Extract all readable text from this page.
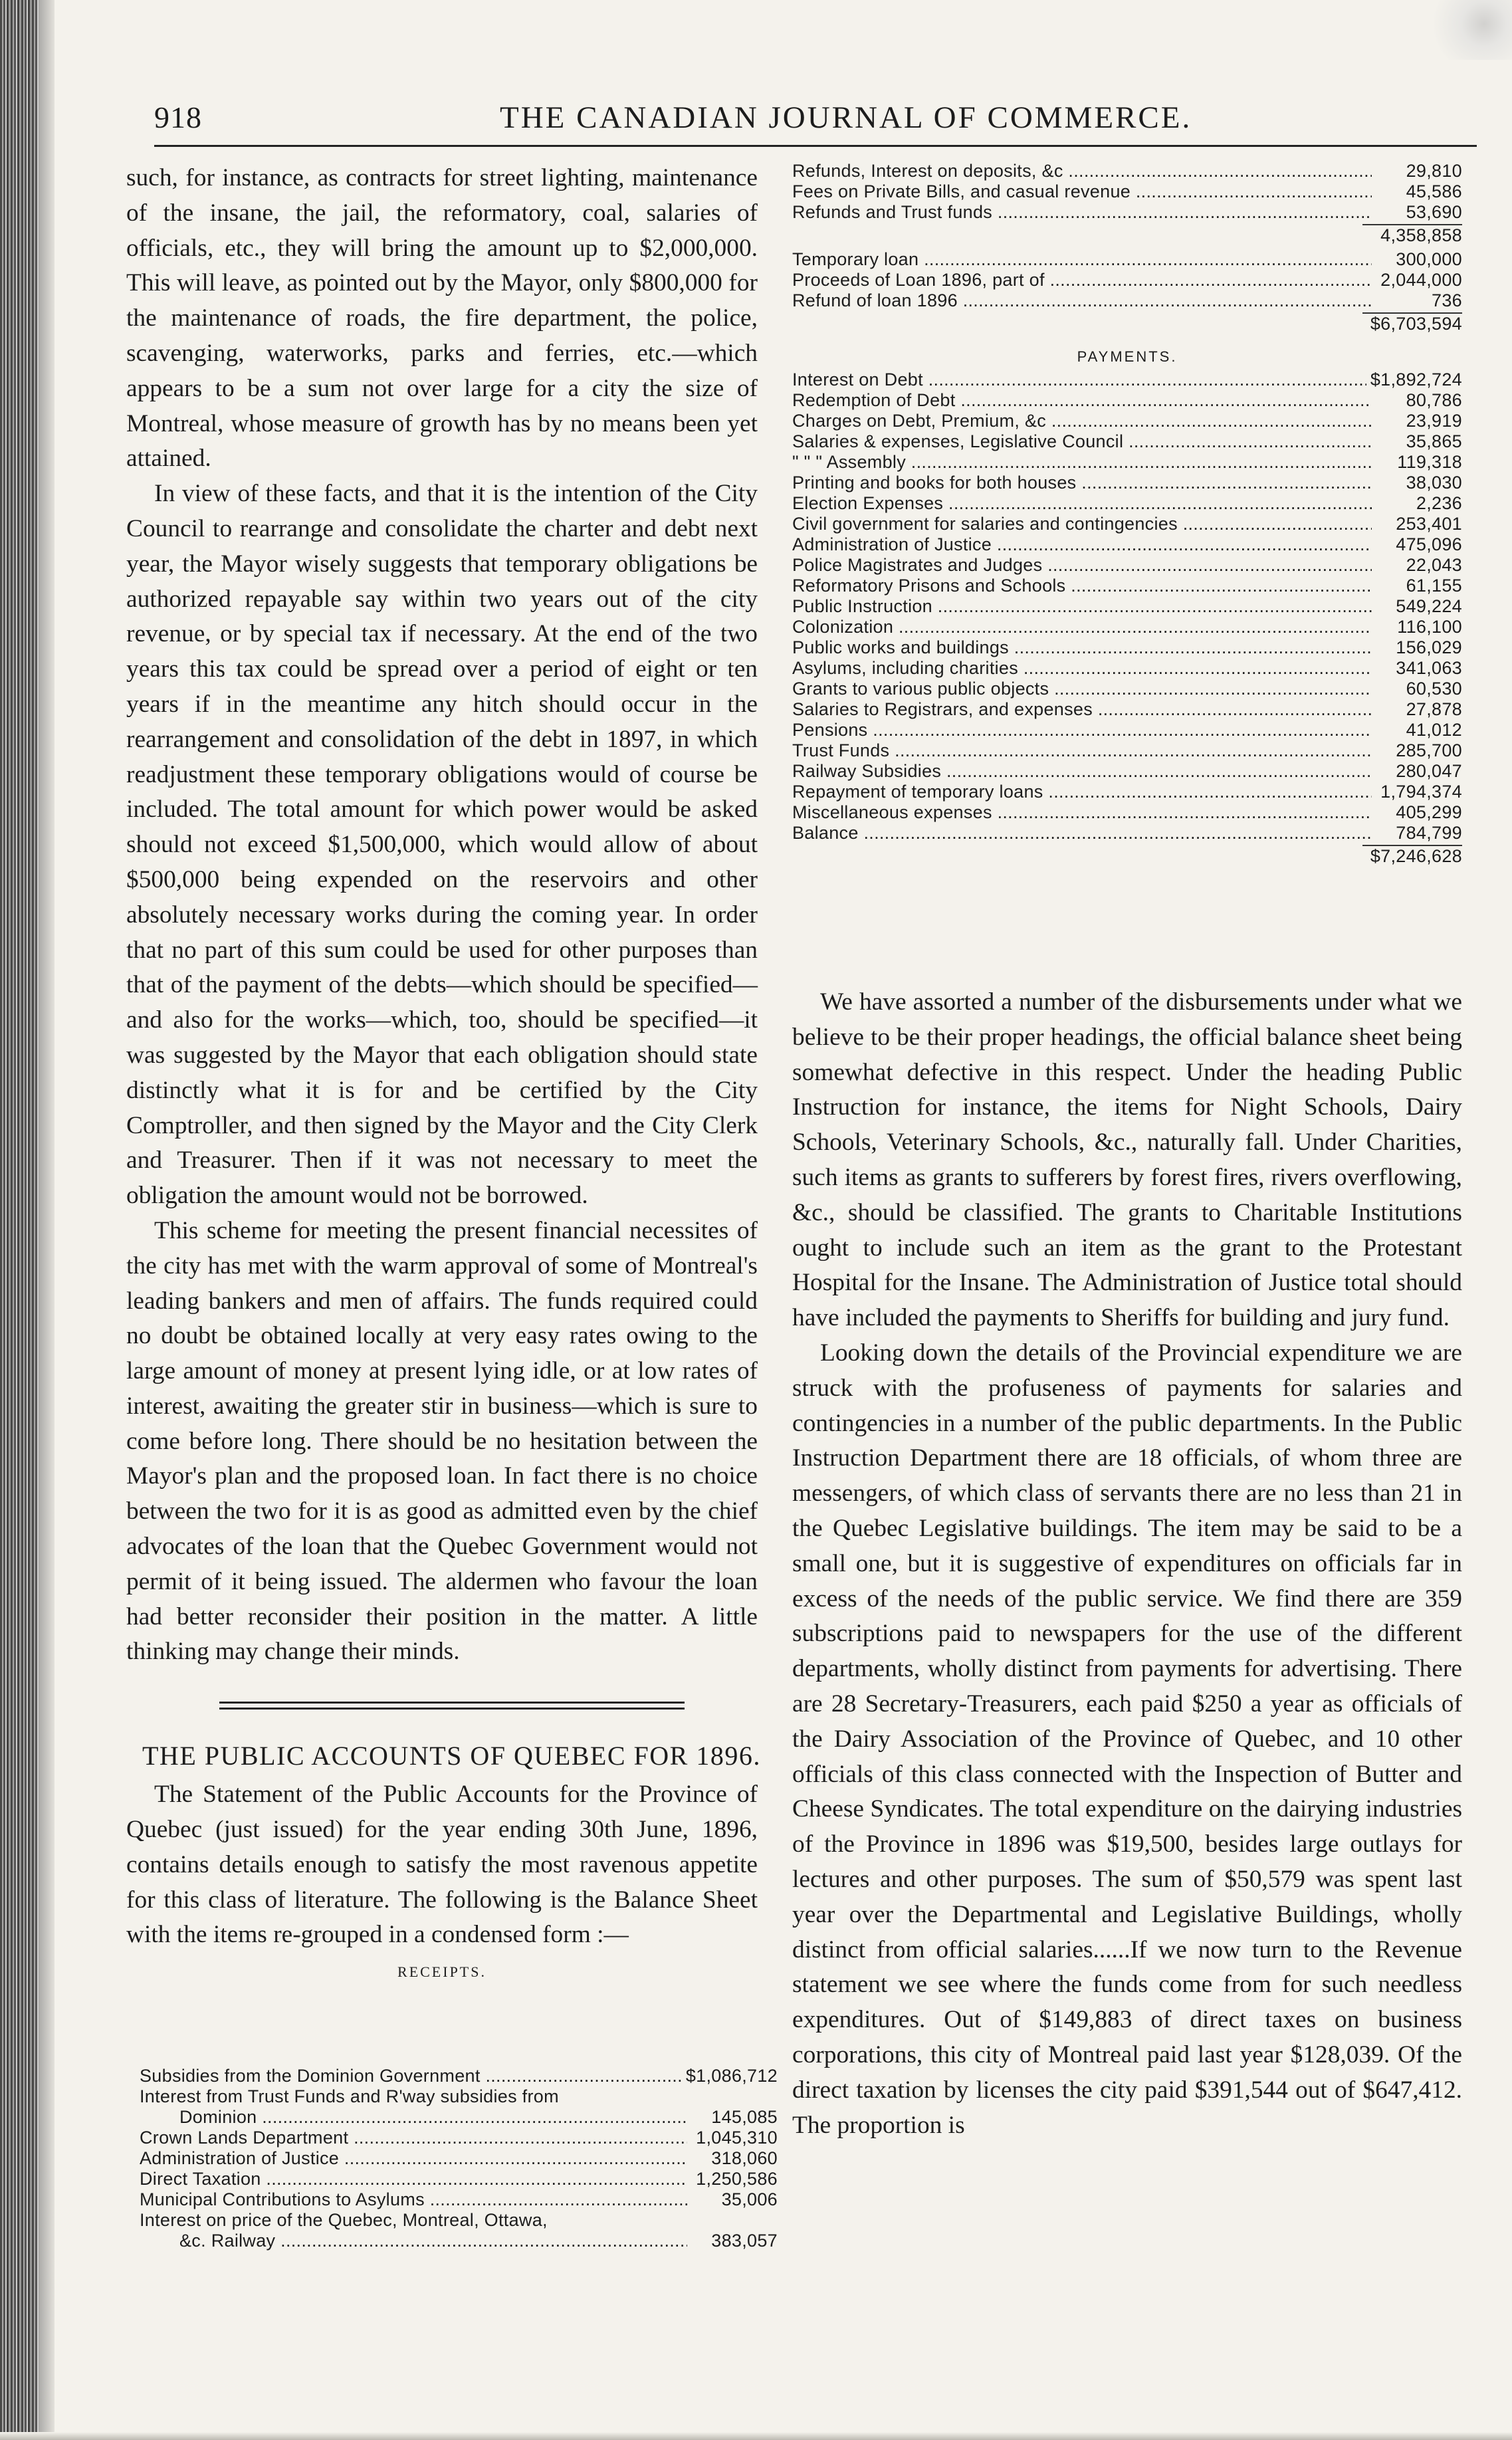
918	THE CANADIAN JOURNAL OF COMMERCE.

such, for instance, as contracts for street lighting, maintenance of the insane, the jail, the reformatory, coal, salaries of officials, etc., they will bring the amount up to $2,000,000. This will leave, as pointed out by the Mayor, only $800,000 for the maintenance of roads, the fire department, the police, scavenging, waterworks, parks and ferries, etc.—which appears to be a sum not over large for a city the size of Montreal, whose measure of growth has by no means been yet attained.

In view of these facts, and that it is the intention of the City Council to rearrange and consolidate the charter and debt next year, the Mayor wisely suggests that temporary obligations be authorized repayable say within two years out of the city revenue, or by special tax if necessary. At the end of the two years this tax could be spread over a period of eight or ten years if in the meantime any hitch should occur in the rearrangement and consolidation of the debt in 1897, in which readjustment these temporary obligations would of course be included. The total amount for which power would be asked should not exceed $1,500,000, which would allow of about $500,000 being expended on the reservoirs and other absolutely necessary works during the coming year. In order that no part of this sum could be used for other purposes than that of the payment of the debts—which should be specified—and also for the works—which, too, should be specified—it was suggested by the Mayor that each obligation should state distinctly what it is for and be certified by the City Comptroller, and then signed by the Mayor and the City Clerk and Treasurer. Then if it was not necessary to meet the obligation the amount would not be borrowed.

This scheme for meeting the present financial necessites of the city has met with the warm approval of some of Montreal's leading bankers and men of affairs. The funds required could no doubt be obtained locally at very easy rates owing to the large amount of money at present lying idle, or at low rates of interest, awaiting the greater stir in business—which is sure to come before long. There should be no hesitation between the Mayor's plan and the proposed loan. In fact there is no choice between the two for it is as good as admitted even by the chief advocates of the loan that the Quebec Government would not permit of it being issued. The aldermen who favour the loan had better reconsider their position in the matter. A little thinking may change their minds.

THE PUBLIC ACCOUNTS OF QUEBEC FOR 1896.

The Statement of the Public Accounts for the Province of Quebec (just issued) for the year ending 30th June, 1896, contains details enough to satisfy the most ravenous appetite for this class of literature. The following is the Balance Sheet with the items re-grouped in a condensed form :—

RECEIPTS.
Subsidies from the Dominion Government .....	$1,086,712
Interest from Trust Funds and R'way subsidies from
Dominion .....	145,085
Crown Lands Department .....	1,045,310
Administration of Justice .....	318,060
Direct Taxation .....	1,250,586
Municipal Contributions to Asylums .....	35,006
Interest on price of the Quebec, Montreal, Ottawa,
&c. Railway .....	383,057
Refunds, Interest on deposits, &c .....	29,810
Fees on Private Bills, and casual revenue .....	45,586
Refunds and Trust funds .....	53,690
4,358,858
Temporary loan .....	300,000
Proceeds of Loan 1896, part of .....	2,044,000
Refund of loan 1896 .....	736
$6,703,594
PAYMENTS.
Interest on Debt .....	$1,892,724
Redemption of Debt .....	80,786
Charges on Debt, Premium, &c .....	23,919
Salaries & expenses, Legislative Council .....	35,865
" " " Assembly .....	119,318
Printing and books for both houses .....	38,030
Election Expenses .....	2,236
Civil government for salaries and contingencies .....	253,401
Administration of Justice .....	475,096
Police Magistrates and Judges .....	22,043
Reformatory Prisons and Schools .....	61,155
Public Instruction .....	549,224
Colonization .....	116,100
Public works and buildings .....	156,029
Asylums, including charities .....	341,063
Grants to various public objects .....	60,530
Salaries to Registrars, and expenses .....	27,878
Pensions .....	41,012
Trust Funds .....	285,700
Railway Subsidies .....	280,047
Repayment of temporary loans .....	1,794,374
Miscellaneous expenses .....	405,299
Balance .....	784,799
$7,246,628

We have assorted a number of the disbursements under what we believe to be their proper headings, the official balance sheet being somewhat defective in this respect. Under the heading Public Instruction for instance, the items for Night Schools, Dairy Schools, Veterinary Schools, &c., naturally fall. Under Charities, such items as grants to sufferers by forest fires, rivers overflowing, &c., should be classified. The grants to Charitable Institutions ought to include such an item as the grant to the Protestant Hospital for the Insane. The Administration of Justice total should have included the payments to Sheriffs for building and jury fund.

Looking down the details of the Provincial expenditure we are struck with the profuseness of payments for salaries and contingencies in a number of the public departments. In the Public Instruction Department there are 18 officials, of whom three are messengers, of which class of servants there are no less than 21 in the Quebec Legislative buildings. The item may be said to be a small one, but it is suggestive of expenditures on officials far in excess of the needs of the public service. We find there are 359 subscriptions paid to newspapers for the use of the different departments, wholly distinct from payments for advertising. There are 28 Secretary-Treasurers, each paid $250 a year as officials of the Dairy Association of the Province of Quebec, and 10 other officials of this class connected with the Inspection of Butter and Cheese Syndicates. The total expenditure on the dairying industries of the Province in 1896 was $19,500, besides large outlays for lectures and other purposes. The sum of $50,579 was spent last year over the Departmental and Legislative Buildings, wholly distinct from official salaries......If we now turn to the Revenue statement we see where the funds come from for such needless expenditures. Out of $149,883 of direct taxes on business corporations, this city of Montreal paid last year $128,039. Of the direct taxation by licenses the city paid $391,544 out of $647,412. The proportion is
